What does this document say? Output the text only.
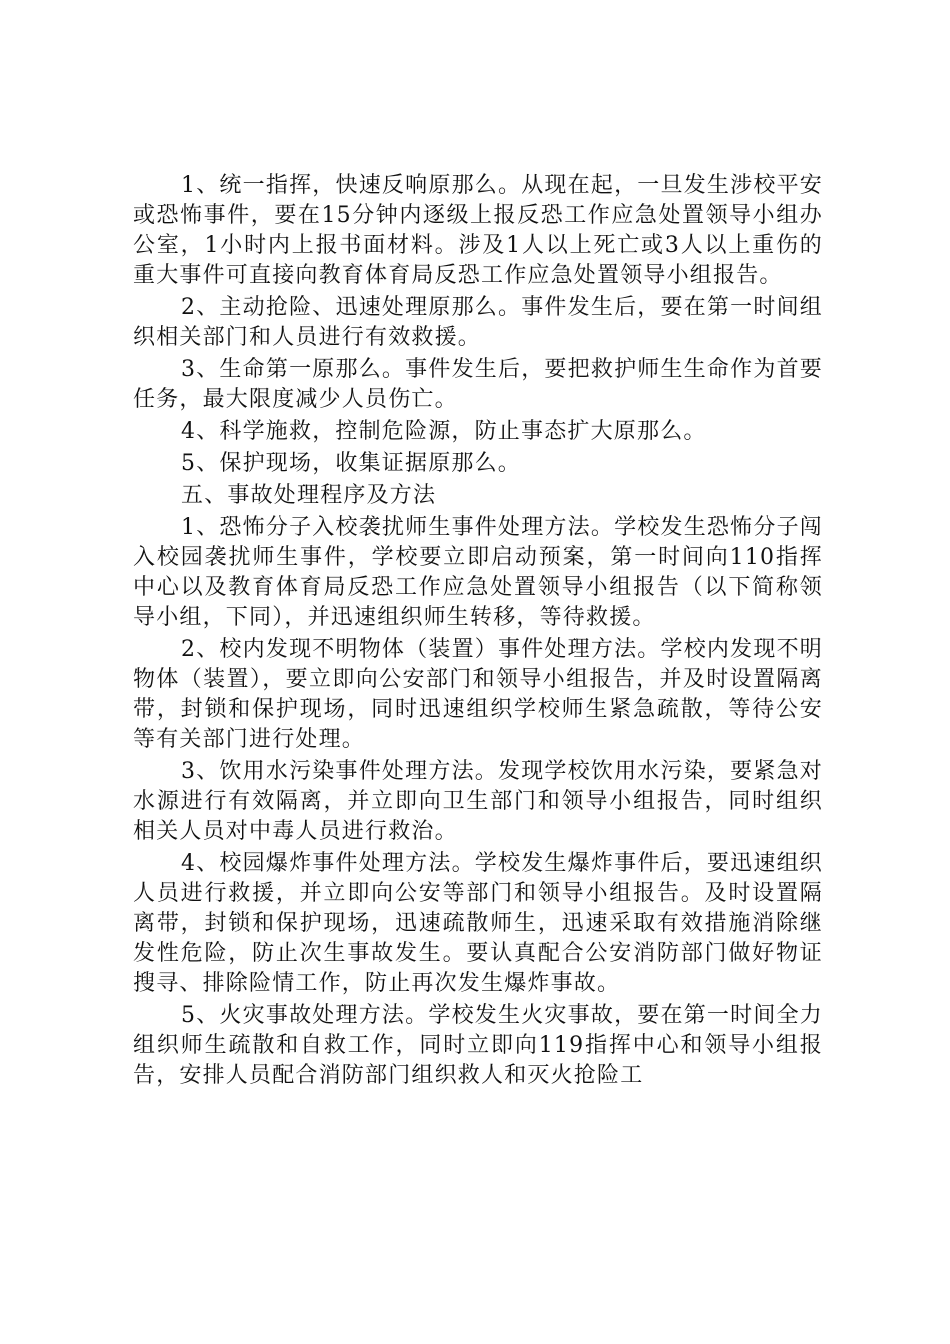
1、统一指挥，快速反响原那么。从现在起，一旦发生涉校平安或恐怖事件，要在15分钟内逐级上报反恐工作应急处置领导小组办公室，1小时内上报书面材料。涉及1人以上死亡或3人以上重伤的重大事件可直接向教育体育局反恐工作应急处置领导小组报告。

2、主动抢险、迅速处理原那么。事件发生后，要在第一时间组织相关部门和人员进行有效救援。

3、生命第一原那么。事件发生后，要把救护师生生命作为首要任务，最大限度减少人员伤亡。

4、科学施救，控制危险源，防止事态扩大原那么。

5、保护现场，收集证据原那么。

五、事故处理程序及方法

1、恐怖分子入校袭扰师生事件处理方法。学校发生恐怖分子闯入校园袭扰师生事件，学校要立即启动预案，第一时间向110指挥中心以及教育体育局反恐工作应急处置领导小组报告（以下简称领导小组，下同），并迅速组织师生转移，等待救援。

2、校内发现不明物体（装置）事件处理方法。学校内发现不明物体（装置），要立即向公安部门和领导小组报告，并及时设置隔离带，封锁和保护现场，同时迅速组织学校师生紧急疏散，等待公安等有关部门进行处理。

3、饮用水污染事件处理方法。发现学校饮用水污染，要紧急对水源进行有效隔离，并立即向卫生部门和领导小组报告，同时组织相关人员对中毒人员进行救治。

4、校园爆炸事件处理方法。学校发生爆炸事件后，要迅速组织人员进行救援，并立即向公安等部门和领导小组报告。及时设置隔离带，封锁和保护现场，迅速疏散师生，迅速采取有效措施消除继发性危险，防止次生事故发生。要认真配合公安消防部门做好物证搜寻、排除险情工作，防止再次发生爆炸事故。

5、火灾事故处理方法。学校发生火灾事故，要在第一时间全力组织师生疏散和自救工作，同时立即向119指挥中心和领导小组报告，安排人员配合消防部门组织救人和灭火抢险工
